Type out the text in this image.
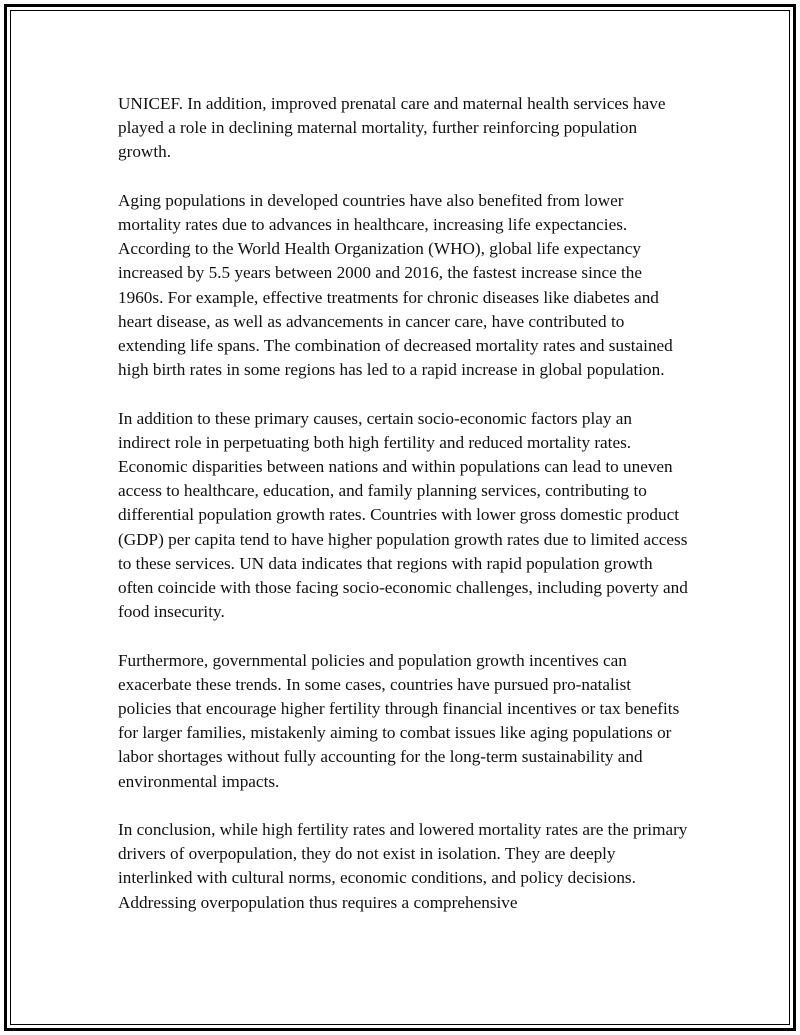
UNICEF. In addition, improved prenatal care and maternal health services have played a role in declining maternal mortality, further reinforcing population growth.

Aging populations in developed countries have also benefited from lower mortality rates due to advances in healthcare, increasing life expectancies. According to the World Health Organization (WHO), global life expectancy increased by 5.5 years between 2000 and 2016, the fastest increase since the 1960s. For example, effective treatments for chronic diseases like diabetes and heart disease, as well as advancements in cancer care, have contributed to extending life spans. The combination of decreased mortality rates and sustained high birth rates in some regions has led to a rapid increase in global population.

In addition to these primary causes, certain socio-economic factors play an indirect role in perpetuating both high fertility and reduced mortality rates. Economic disparities between nations and within populations can lead to uneven access to healthcare, education, and family planning services, contributing to differential population growth rates. Countries with lower gross domestic product (GDP) per capita tend to have higher population growth rates due to limited access to these services. UN data indicates that regions with rapid population growth often coincide with those facing socio-economic challenges, including poverty and food insecurity.

Furthermore, governmental policies and population growth incentives can exacerbate these trends. In some cases, countries have pursued pro-natalist policies that encourage higher fertility through financial incentives or tax benefits for larger families, mistakenly aiming to combat issues like aging populations or labor shortages without fully accounting for the long-term sustainability and environmental impacts.

In conclusion, while high fertility rates and lowered mortality rates are the primary drivers of overpopulation, they do not exist in isolation. They are deeply interlinked with cultural norms, economic conditions, and policy decisions. Addressing overpopulation thus requires a comprehensive
